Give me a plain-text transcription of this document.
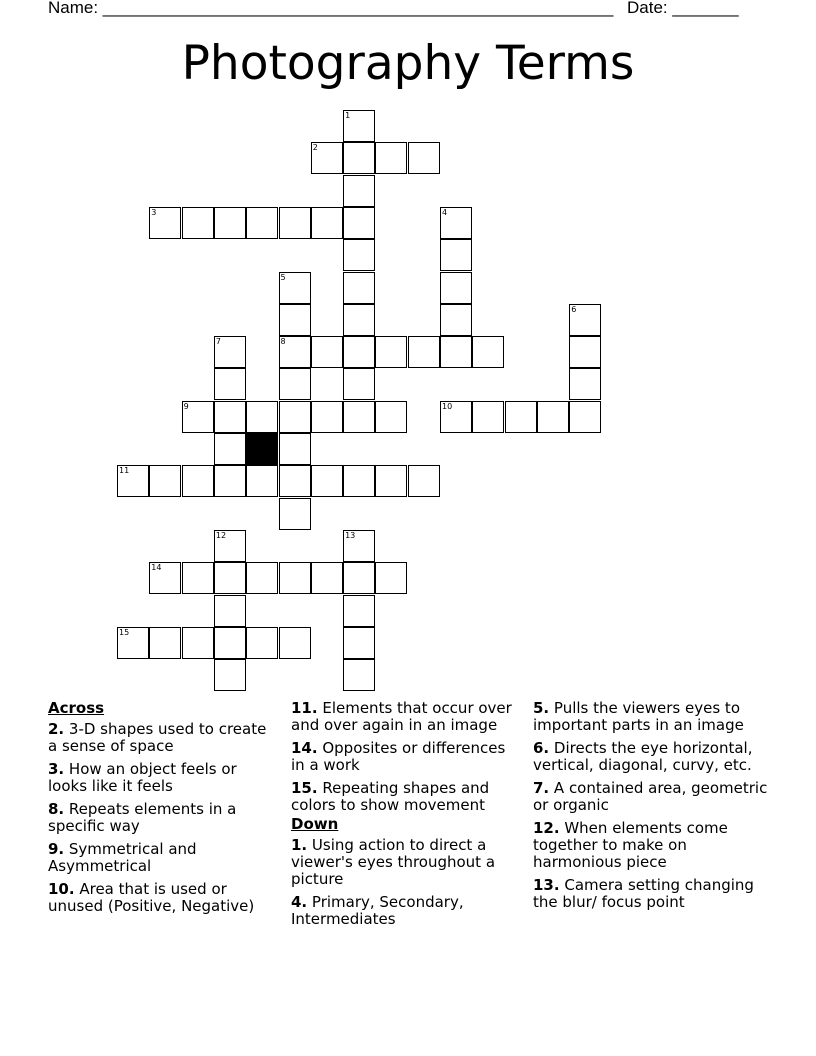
Name: ______________________________________________________ Date: _______
Photography Terms
1
2
3	4
5
8
6
7
9	10
11
12	13
14
15
Across
2. 3-D shapes used to create a sense of space
3. How an object feels or looks like it feels
8. Repeats elements in a specific way
9. Symmetrical and Asymmetrical
10. Area that is used or unused (Positive, Negative)
11. Elements that occur over and over again in an image
14. Opposites or differences in a work
15. Repeating shapes and colors to show movement
Down
1. Using action to direct a viewer's eyes throughout a picture
4. Primary, Secondary, Intermediates
5. Pulls the viewers eyes to important parts in an image
6. Directs the eye horizontal, vertical, diagonal, curvy, etc.
7. A contained area, geometric or organic
12. When elements come together to make on harmonious piece
13. Camera setting changing the blur/ focus point
